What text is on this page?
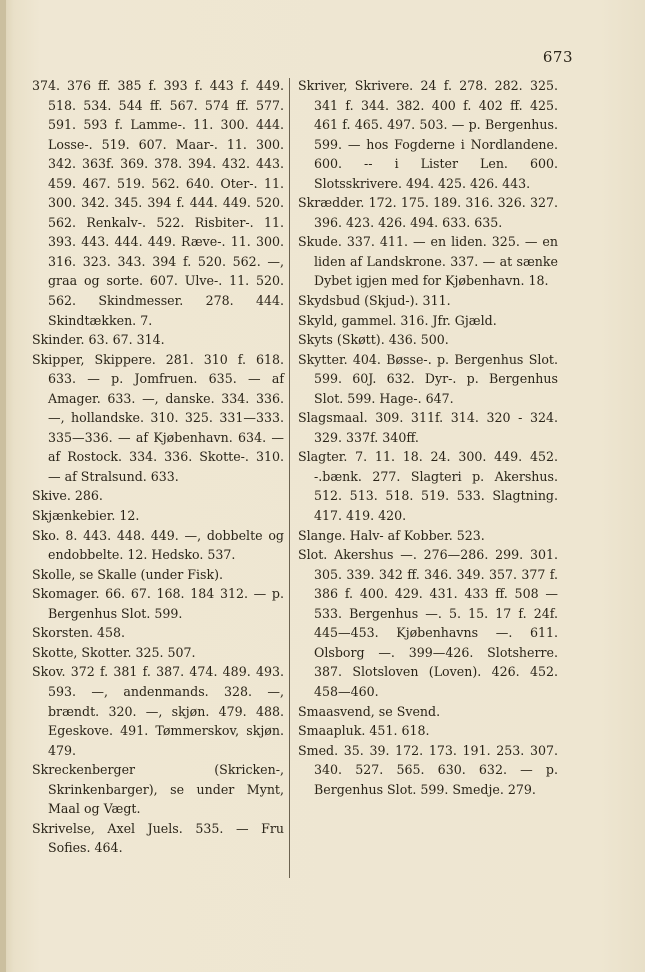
673

374. 376 ff. 385 f. 393 f. 443 f. 449. 518. 534. 544 ff. 567. 574 ff. 577. 591. 593 f. Lamme-. 11. 300. 444. Losse-. 519. 607. Maar-. 11. 300. 342. 363f. 369. 378. 394. 432. 443. 459. 467. 519. 562. 640. Oter-. 11. 300. 342. 345. 394 f. 444. 449. 520. 562. Renkalv-. 522. Risbiter-. 11. 393. 443. 444. 449. Ræve-. 11. 300. 316. 323. 343. 394 f. 520. 562. —, graa og sorte. 607. Ulve-. 11. 520. 562. Skindmesser. 278. 444. Skindtækken. 7.

Skinder. 63. 67. 314.

Skipper, Skippere. 281. 310 f. 618. 633. — p. Jomfruen. 635. — af Amager. 633. —, danske. 334. 336. —, hollandske. 310. 325. 331—333. 335—336. — af Kjøbenhavn. 634. — af Rostock. 334. 336. Skotte-. 310. — af Stralsund. 633.

Skive. 286.

Skjænkebier. 12.

Sko. 8. 443. 448. 449. —, dobbelte og endobbelte. 12. Hedsko. 537.

Skolle, se Skalle (under Fisk).

Skomager. 66. 67. 168. 184 312. — p. Bergenhus Slot. 599.

Skorsten. 458.

Skotte, Skotter. 325. 507.

Skov. 372 f. 381 f. 387. 474. 489. 493. 593. —, andenmands. 328. —, brændt. 320. —, skjøn. 479. 488. Egeskove. 491. Tømmerskov, skjøn. 479.

Skreckenberger (Skricken-, Skrinkenbarger), se under Mynt, Maal og Vægt.

Skrivelse, Axel Juels. 535. — Fru Sofies. 464.

Skriver, Skrivere. 24 f. 278. 282. 325. 341 f. 344. 382. 400 f. 402 ff. 425. 461 f. 465. 497. 503. — p. Bergenhus. 599. — hos Fogderne i Nordlandene. 600. -- i Lister Len. 600. Slotsskrivere. 494. 425. 426. 443.

Skrædder. 172. 175. 189. 316. 326. 327. 396. 423. 426. 494. 633. 635.

Skude. 337. 411. — en liden. 325. — en liden af Landskrone. 337. — at sænke Dybet igjen med for Kjøbenhavn. 18.

Skydsbud (Skjud-). 311.

Skyld, gammel. 316. Jfr. Gjæld.

Skyts (Skøtt). 436. 500.

Skytter. 404. Bøsse-. p. Bergenhus Slot. 599. 60J. 632. Dyr-. p. Bergenhus Slot. 599. Hage-. 647.

Slagsmaal. 309. 311f. 314. 320 - 324. 329. 337f. 340ff.

Slagter. 7. 11. 18. 24. 300. 449. 452. -.bænk. 277. Slagteri p. Akershus. 512. 513. 518. 519. 533. Slagtning. 417. 419. 420.

Slange. Halv- af Kobber. 523.

Slot. Akershus —. 276—286. 299. 301. 305. 339. 342 ff. 346. 349. 357. 377 f. 386 f. 400. 429. 431. 433 ff. 508 — 533. Bergenhus —. 5. 15. 17 f. 24f. 445—453. Kjøbenhavns —. 611. Olsborg —. 399—426. Slotsherre. 387. Slotsloven (Loven). 426. 452. 458—460.

Smaasvend, se Svend.

Smaapluk. 451. 618.

Smed. 35. 39. 172. 173. 191. 253. 307. 340. 527. 565. 630. 632. — p. Bergenhus Slot. 599. Smedje. 279.
